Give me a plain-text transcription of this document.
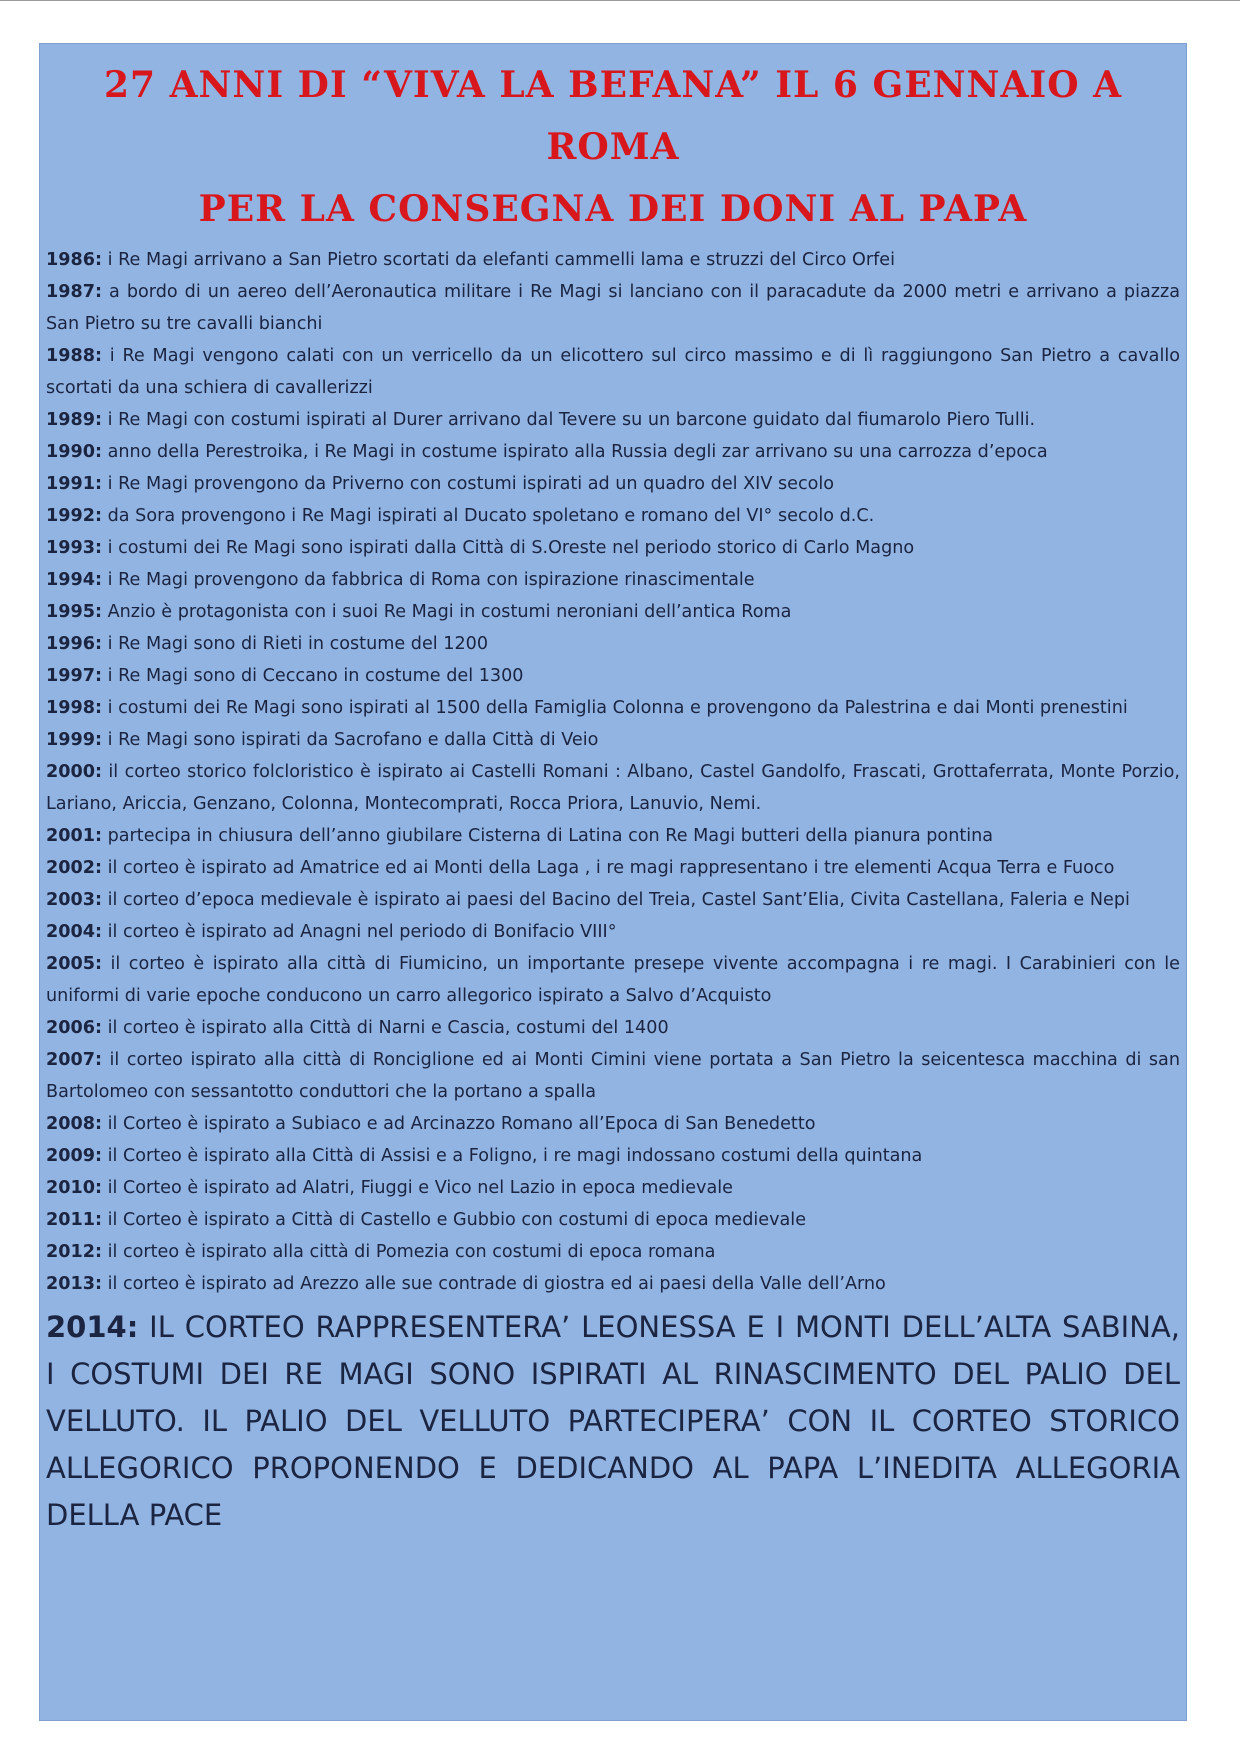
27 ANNI DI “VIVA LA BEFANA” IL 6 GENNAIO A ROMA
PER LA CONSEGNA DEI DONI AL PAPA
1986: i Re Magi arrivano a San Pietro scortati da elefanti cammelli lama e struzzi del Circo Orfei
1987: a bordo di un aereo dell’Aeronautica militare i Re Magi si lanciano con il paracadute da 2000 metri e arrivano a piazza San Pietro su tre cavalli bianchi
1988: i Re Magi vengono calati con un verricello da un elicottero sul circo massimo e di lì raggiungono San Pietro a cavallo scortati da una schiera di cavallerizzi
1989: i Re Magi con costumi ispirati al Durer arrivano dal Tevere su un barcone guidato dal fiumarolo Piero Tulli.
1990: anno della Perestroika, i Re Magi in costume ispirato alla Russia degli zar arrivano su una carrozza d’epoca
1991: i Re Magi provengono da Priverno con costumi ispirati ad un quadro del XIV secolo
1992: da Sora provengono i Re Magi ispirati al Ducato spoletano e romano del VI° secolo d.C.
1993: i costumi dei Re Magi sono ispirati dalla Città di S.Oreste nel periodo storico di Carlo Magno
1994: i Re Magi provengono da fabbrica di Roma con ispirazione rinascimentale
1995: Anzio è protagonista con i suoi Re Magi in costumi neroniani dell’antica Roma
1996: i Re Magi sono di Rieti in costume del 1200
1997: i Re Magi sono di Ceccano in costume del 1300
1998: i costumi dei Re Magi sono ispirati al 1500 della Famiglia Colonna e provengono da Palestrina e dai Monti prenestini
1999: i Re Magi sono ispirati da Sacrofano e dalla Città di Veio
2000: il corteo storico folcloristico è ispirato ai Castelli Romani : Albano, Castel Gandolfo, Frascati, Grottaferrata, Monte Porzio, Lariano, Ariccia, Genzano, Colonna, Montecomprati, Rocca Priora, Lanuvio, Nemi.
2001: partecipa in chiusura dell’anno giubilare Cisterna di Latina con Re Magi butteri della pianura pontina
2002: il corteo è ispirato ad Amatrice ed ai Monti della Laga , i re magi rappresentano i tre elementi Acqua Terra e Fuoco
2003: il corteo d’epoca medievale è ispirato ai paesi del Bacino del Treia, Castel Sant’Elia, Civita Castellana, Faleria e Nepi
2004: il corteo è ispirato ad Anagni nel periodo di Bonifacio VIII°
2005: il corteo è ispirato alla città di Fiumicino, un importante presepe vivente accompagna i re magi. I Carabinieri con le uniformi di varie epoche conducono un carro allegorico ispirato a Salvo d’Acquisto
2006: il corteo è ispirato alla Città di Narni e Cascia, costumi del 1400
2007: il corteo ispirato alla città di Ronciglione ed ai Monti Cimini viene portata a San Pietro la seicentesca macchina di san Bartolomeo con sessantotto conduttori che la portano a spalla
2008: il Corteo è ispirato a Subiaco e ad Arcinazzo Romano all’Epoca di San Benedetto
2009: il Corteo è ispirato alla Città di Assisi e a Foligno, i re magi indossano costumi della quintana
2010: il Corteo è ispirato ad Alatri, Fiuggi e Vico nel Lazio in epoca medievale
2011: il Corteo è ispirato a Città di Castello e Gubbio con costumi di epoca medievale
2012: il corteo è ispirato alla città di Pomezia con costumi di epoca romana
2013: il corteo è ispirato ad Arezzo alle sue contrade di giostra ed ai paesi della Valle dell’Arno

2014: IL CORTEO RAPPRESENTERA’ LEONESSA E I MONTI DELL’ALTA SABINA, I COSTUMI DEI RE MAGI SONO ISPIRATI AL RINASCIMENTO DEL PALIO DEL VELLUTO. IL PALIO DEL VELLUTO PARTECIPERA’ CON IL CORTEO STORICO ALLEGORICO PROPONENDO E DEDICANDO AL PAPA L’INEDITA ALLEGORIA DELLA PACE
